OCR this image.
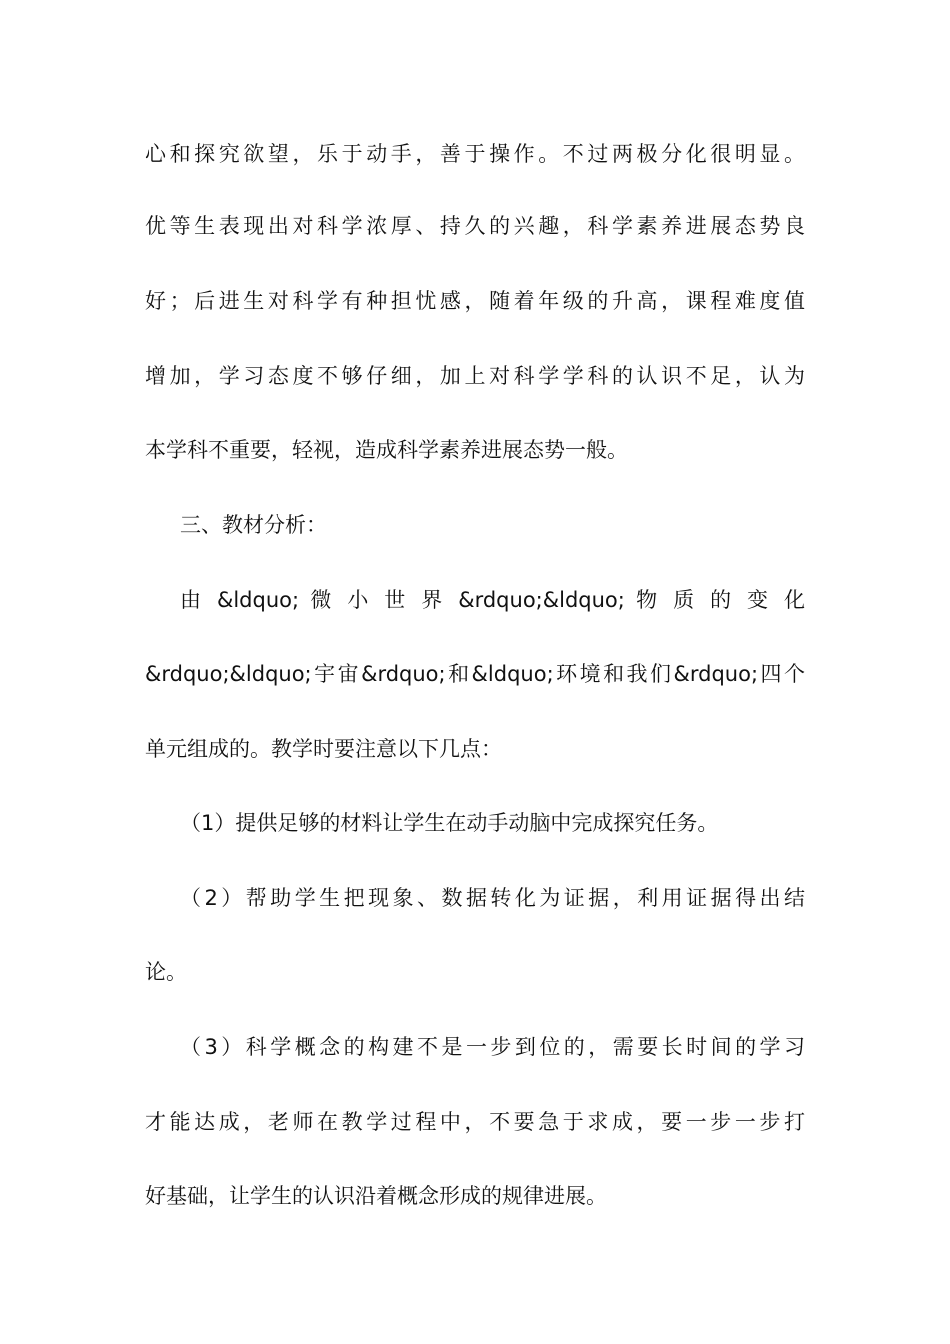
心和探究欲望，乐于动手，善于操作。不过两极分化很明显。
优等生表现出对科学浓厚、持久的兴趣，科学素养进展态势良
好；后进生对科学有种担忧感，随着年级的升高，课程难度值
增加，学习态度不够仔细，加上对科学学科的认识不足，认为
本学科不重要，轻视，造成科学素养进展态势一般。
三、教材分析：
由 &ldquo; 微 小 世 界 &rdquo;&ldquo; 物 质 的 变 化
&rdquo;&ldquo;宇宙&rdquo;和&ldquo;环境和我们&rdquo;四个
单元组成的。教学时要注意以下几点：
（1）提供足够的材料让学生在动手动脑中完成探究任务。
（2）帮助学生把现象、数据转化为证据，利用证据得出结
论。
（3）科学概念的构建不是一步到位的，需要长时间的学习
才能达成，老师在教学过程中，不要急于求成，要一步一步打
好基础，让学生的认识沿着概念形成的规律进展。
